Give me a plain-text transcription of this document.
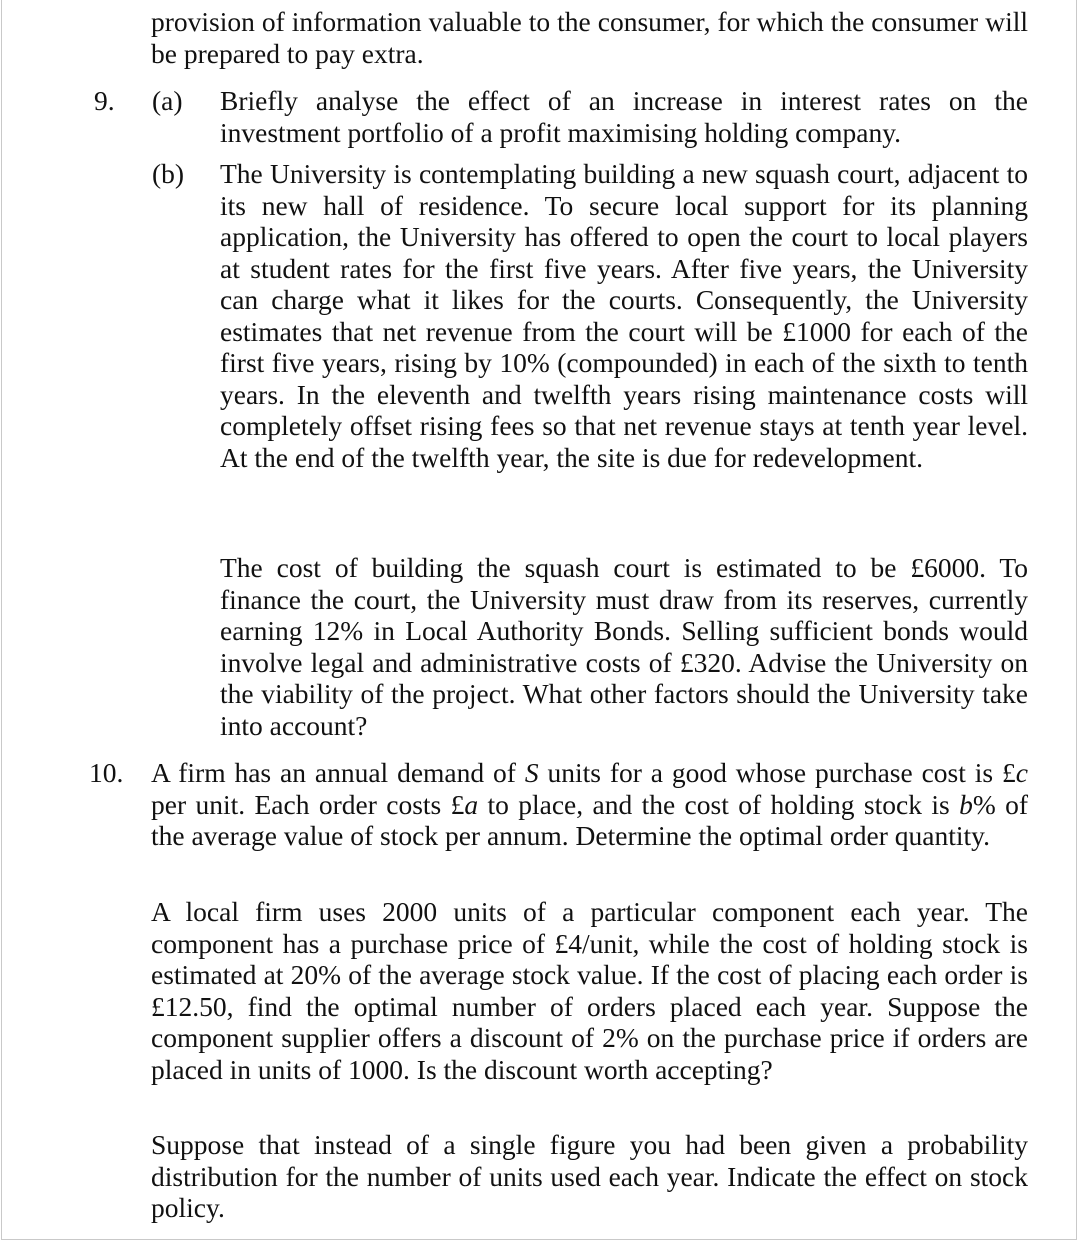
provision of information valuable to the consumer, for which the consumer will be prepared to pay extra.

9. (a) Briefly analyse the effect of an increase in interest rates on the investment portfolio of a profit maximising holding company.

(b) The University is contemplating building a new squash court, adjacent to its new hall of residence. To secure local support for its planning application, the University has offered to open the court to local players at student rates for the first five years. After five years, the University can charge what it likes for the courts. Consequently, the University estimates that net revenue from the court will be £1000 for each of the first five years, rising by 10% (compounded) in each of the sixth to tenth years. In the eleventh and twelfth years rising maintenance costs will completely offset rising fees so that net revenue stays at tenth year level. At the end of the twelfth year, the site is due for redevelopment.

The cost of building the squash court is estimated to be £6000. To finance the court, the University must draw from its reserves, currently earning 12% in Local Authority Bonds. Selling sufficient bonds would involve legal and administrative costs of £320. Advise the University on the viability of the project. What other factors should the University take into account?

10. A firm has an annual demand of S units for a good whose purchase cost is £c per unit. Each order costs £a to place, and the cost of holding stock is b% of the average value of stock per annum. Determine the optimal order quantity.

A local firm uses 2000 units of a particular component each year. The component has a purchase price of £4/unit, while the cost of holding stock is estimated at 20% of the average stock value. If the cost of placing each order is £12.50, find the optimal number of orders placed each year. Suppose the component supplier offers a discount of 2% on the purchase price if orders are placed in units of 1000. Is the discount worth accepting?

Suppose that instead of a single figure you had been given a probability distribution for the number of units used each year. Indicate the effect on stock policy.
